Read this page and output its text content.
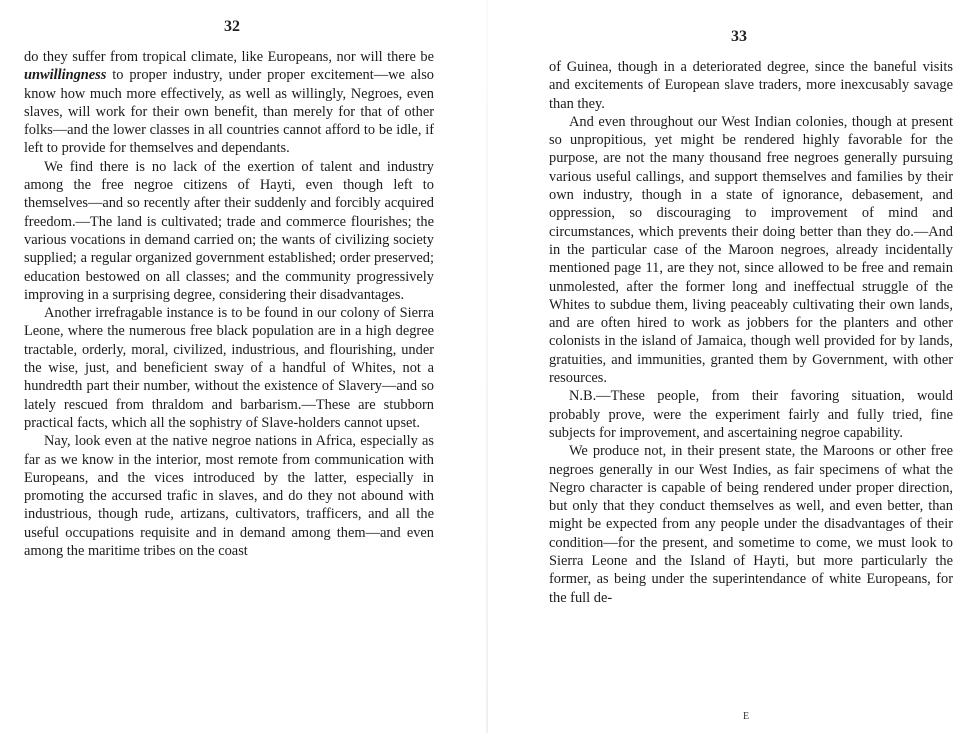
32

do they suffer from tropical climate, like Europeans, nor will there be unwillingness to proper industry, under proper excitement—we also know how much more effectively, as well as willingly, Negroes, even slaves, will work for their own benefit, than merely for that of other folks—and the lower classes in all countries cannot afford to be idle, if left to provide for themselves and dependants.

We find there is no lack of the exertion of talent and industry among the free negroe citizens of Hayti, even though left to themselves—and so recently after their suddenly and forcibly acquired freedom.—The land is cultivated; trade and commerce flourishes; the various vocations in demand carried on; the wants of civilizing society supplied; a regular organized government established; order preserved; education bestowed on all classes; and the community progressively improving in a surprising degree, considering their disadvantages.

Another irrefragable instance is to be found in our colony of Sierra Leone, where the numerous free black population are in a high degree tractable, orderly, moral, civilized, industrious, and flourishing, under the wise, just, and beneficient sway of a handful of Whites, not a hundredth part their number, without the existence of Slavery—and so lately rescued from thraldom and barbarism.—These are stubborn practical facts, which all the sophistry of Slave-holders cannot upset.

Nay, look even at the native negroe nations in Africa, especially as far as we know in the interior, most remote from communication with Europeans, and the vices introduced by the latter, especially in promoting the accursed trafic in slaves, and do they not abound with industrious, though rude, artizans, cultivators, trafficers, and all the useful occupations requisite and in demand among them—and even among the maritime tribes on the coast

33

of Guinea, though in a deteriorated degree, since the baneful visits and excitements of European slave traders, more inexcusably savage than they.

And even throughout our West Indian colonies, though at present so unpropitious, yet might be rendered highly favorable for the purpose, are not the many thousand free negroes generally pursuing various useful callings, and support themselves and families by their own industry, though in a state of ignorance, debasement, and oppression, so discouraging to improvement of mind and circumstances, which prevents their doing better than they do.—And in the particular case of the Maroon negroes, already incidentally mentioned page 11, are they not, since allowed to be free and remain unmolested, after the former long and ineffectual struggle of the Whites to subdue them, living peaceably cultivating their own lands, and are often hired to work as jobbers for the planters and other colonists in the island of Jamaica, though well provided for by lands, gratuities, and immunities, granted them by Government, with other resources.

N.B.—These people, from their favoring situation, would probably prove, were the experiment fairly and fully tried, fine subjects for improvement, and ascertaining negroe capability.

We produce not, in their present state, the Maroons or other free negroes generally in our West Indies, as fair specimens of what the Negro character is capable of being rendered under proper direction, but only that they conduct themselves as well, and even better, than might be expected from any people under the disadvantages of their condition—for the present, and sometime to come, we must look to Sierra Leone and the Island of Hayti, but more particularly the former, as being under the superintendance of white Europeans, for the full de-

E
